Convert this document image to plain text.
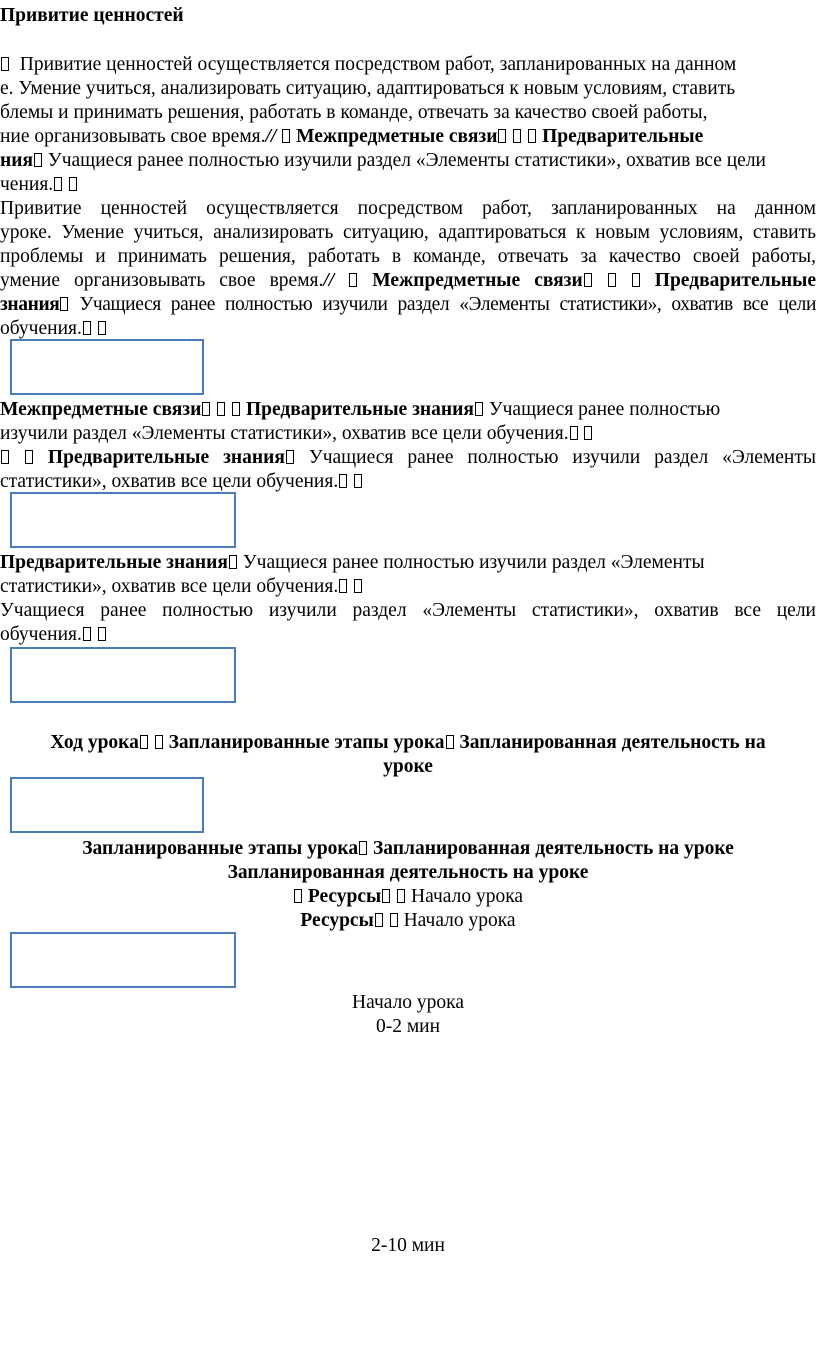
Привитие ценностей
Привитие ценностей осуществляется посредством работ, запланированных на данном
е. Умение учиться, анализировать ситуацию, адаптироваться к новым условиям, ставить
блемы и принимать решения, работать в команде, отвечать за качество своей работы,
ние организовывать свое время.// Межпредметные связи Предварительные
ния Учащиеся ранее полностью изучили раздел «Элементы статистики», охватив все цели
чения.
Привитие ценностей осуществляется посредством работ, запланированных на данном
уроке. Умение учиться, анализировать ситуацию, адаптироваться к новым условиям, ставить
проблемы и принимать решения, работать в команде, отвечать за качество своей работы,
умение организовывать свое время.// Межпредметные связи	Предварительные
знания Учащиеся ранее полностью изучили раздел «Элементы статистики», охватив все цели
обучения.
Межпредметные связи Предварительные знания Учащиеся ранее полностью
изучили раздел «Элементы статистики», охватив все цели обучения.
Предварительные знания Учащиеся ранее полностью изучили раздел «Элементы
статистики», охватив все цели обучения.
Предварительные знания Учащиеся ранее полностью изучили раздел «Элементы
статистики», охватив все цели обучения.
Учащиеся ранее полностью изучили раздел «Элементы статистики», охватив все цели
обучения.
Ход урока Запланированные этапы урока Запланированная деятельность на
уроке
Запланированные этапы урока Запланированная деятельность на уроке
Запланированная деятельность на уроке
Ресурсы Начало урока
Ресурсы Начало урока
Начало урока
0-2 мин
2-10 мин
